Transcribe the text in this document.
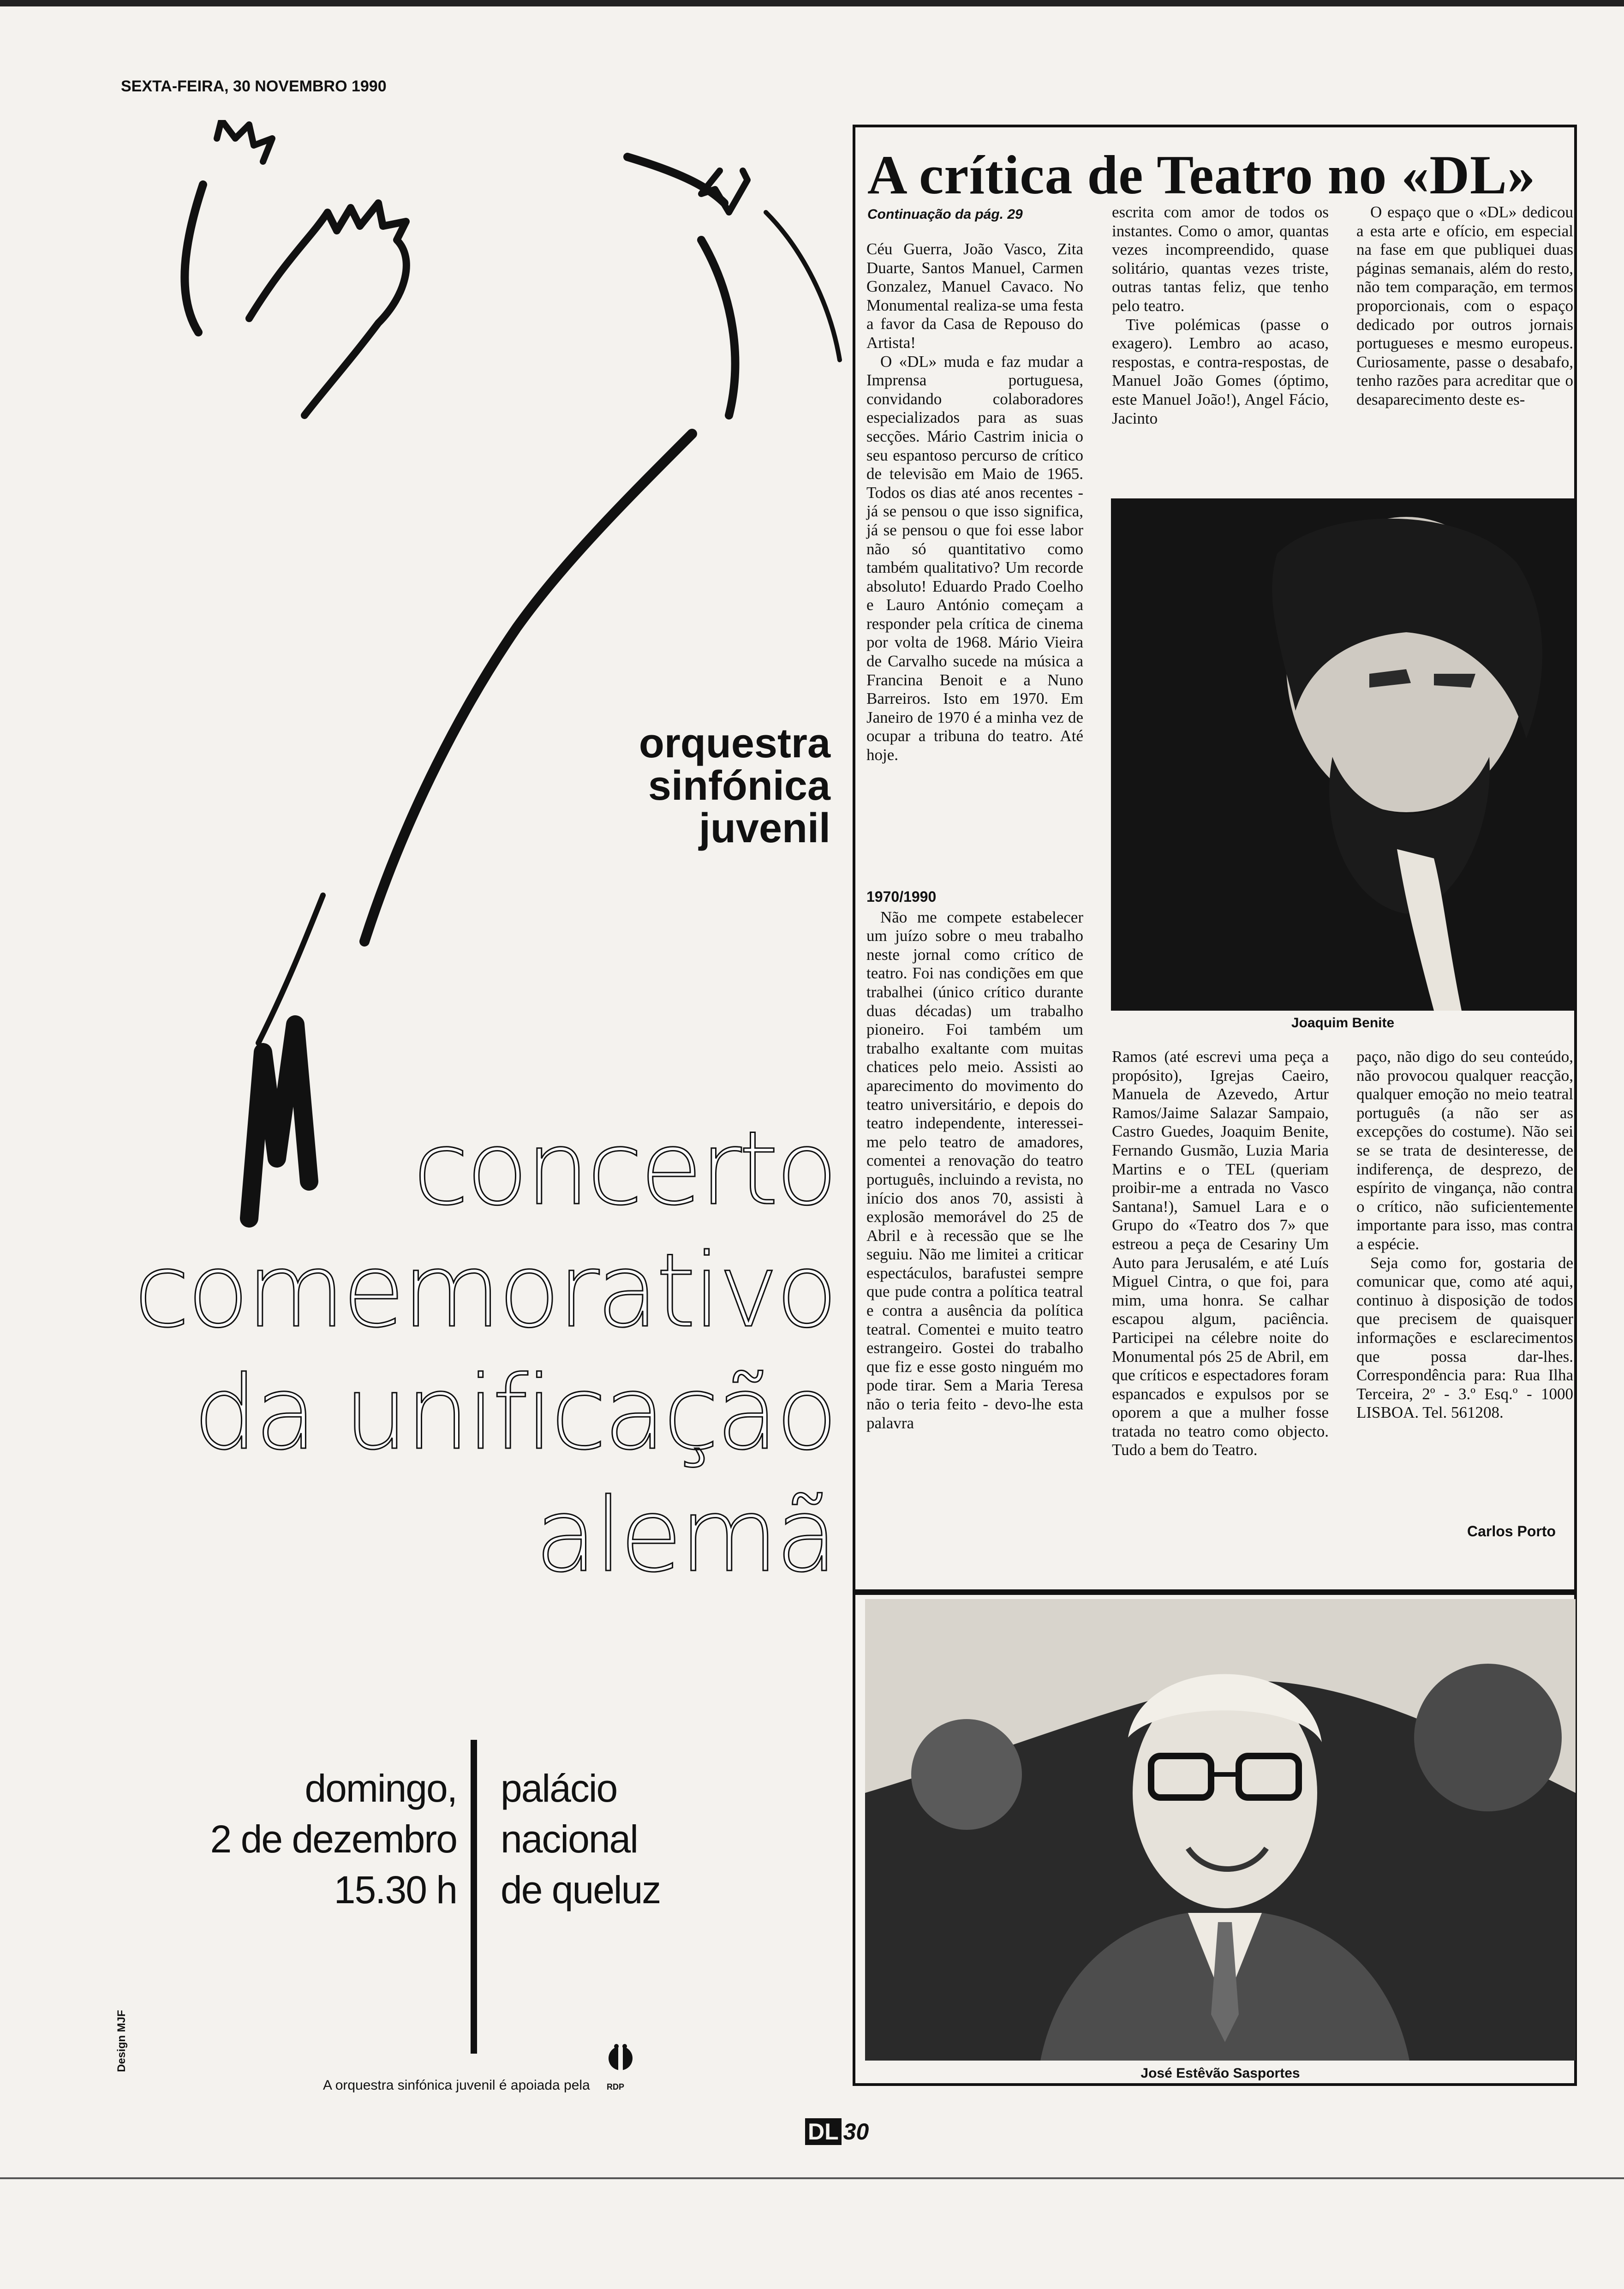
SEXTA-FEIRA, 30 NOVEMBRO 1990
orquestra
sinfónica
juvenil
concerto
comemorativo
da unificação
alemã
domingo,
2 de dezembro
15.30 h
palácio
nacional
de queluz
Design MJF
A orquestra sinfónica juvenil é apoiada pela RDP
A crítica de Teatro no «DL»
Continuação da pág. 29

Céu Guerra, João Vasco, Zita Duarte, Santos Manuel, Carmen Gonzalez, Manuel Cavaco. No Monumental realiza-se uma festa a favor da Casa de Repouso do Artista!

O «DL» muda e faz mudar a Imprensa portuguesa, convidando colaboradores especializados para as suas secções. Mário Castrim inicia o seu espantoso percurso de crítico de televisão em Maio de 1965. Todos os dias até anos recentes - já se pensou o que isso significa, já se pensou o que foi esse labor não só quantitativo como também qualitativo? Um recorde absoluto! Eduardo Prado Coelho e Lauro António começam a responder pela crítica de cinema por volta de 1968. Mário Vieira de Carvalho sucede na música a Francina Benoit e a Nuno Barreiros. Isto em 1970. Em Janeiro de 1970 é a minha vez de ocupar a tribuna do teatro. Até hoje.

1970/1990

Não me compete estabelecer um juízo sobre o meu trabalho neste jornal como crítico de teatro. Foi nas condições em que trabalhei (único crítico durante duas décadas) um trabalho pioneiro. Foi também um trabalho exaltante com muitas chatices pelo meio. Assisti ao aparecimento do movimento do teatro universitário, e depois do teatro independente, interessei-me pelo teatro de amadores, comentei a renovação do teatro português, incluindo a revista, no início dos anos 70, assisti à explosão memorável do 25 de Abril e à recessão que se lhe seguiu. Não me limitei a criticar espectáculos, barafustei sempre que pude contra a política teatral e contra a ausência da política teatral. Comentei e muito teatro estrangeiro. Gostei do trabalho que fiz e esse gosto ninguém mo pode tirar. Sem a Maria Teresa não o teria feito - devo-lhe esta palavra

escrita com amor de todos os instantes. Como o amor, quantas vezes incompreendido, quase solitário, quantas vezes triste, outras tantas feliz, que tenho pelo teatro.

Tive polémicas (passe o exagero). Lembro ao acaso, respostas, e contra-respostas, de Manuel João Gomes (óptimo, este Manuel João!), Angel Fácio, Jacinto

O espaço que o «DL» dedicou a esta arte e ofício, em especial na fase em que publiquei duas páginas semanais, além do resto, não tem comparação, em termos proporcionais, com o espaço dedicado por outros jornais portugueses e mesmo europeus. Curiosamente, passe o desabafo, tenho razões para acreditar que o desaparecimento deste es-

Joaquim Benite

Ramos (até escrevi uma peça a propósito), Igrejas Caeiro, Manuela de Azevedo, Artur Ramos/Jaime Salazar Sampaio, Castro Guedes, Joaquim Benite, Fernando Gusmão, Luzia Maria Martins e o TEL (queriam proibir-me a entrada no Vasco Santana!), Samuel Lara e o Grupo do «Teatro dos 7» que estreou a peça de Cesariny Um Auto para Jerusalém, e até Luís Miguel Cintra, o que foi, para mim, uma honra. Se calhar escapou algum, paciência. Participei na célebre noite do Monumental pós 25 de Abril, em que críticos e espectadores foram espancados e expulsos por se oporem a que a mulher fosse tratada no teatro como objecto. Tudo a bem do Teatro.

paço, não digo do seu conteúdo, não provocou qualquer reacção, qualquer emoção no meio teatral português (a não ser as excepções do costume). Não sei se se trata de desinteresse, de indiferença, de desprezo, de espírito de vingança, não contra o crítico, não suficientemente importante para isso, mas contra a espécie.

Seja como for, gostaria de comunicar que, como até aqui, continuo à disposição de todos que precisem de quaisquer informações e esclarecimentos que possa dar-lhes. Correspondência para: Rua Ilha Terceira, 2º - 3.º Esq.º - 1000 LISBOA. Tel. 561208.

Carlos Porto
José Estêvão Sasportes
DL 30
